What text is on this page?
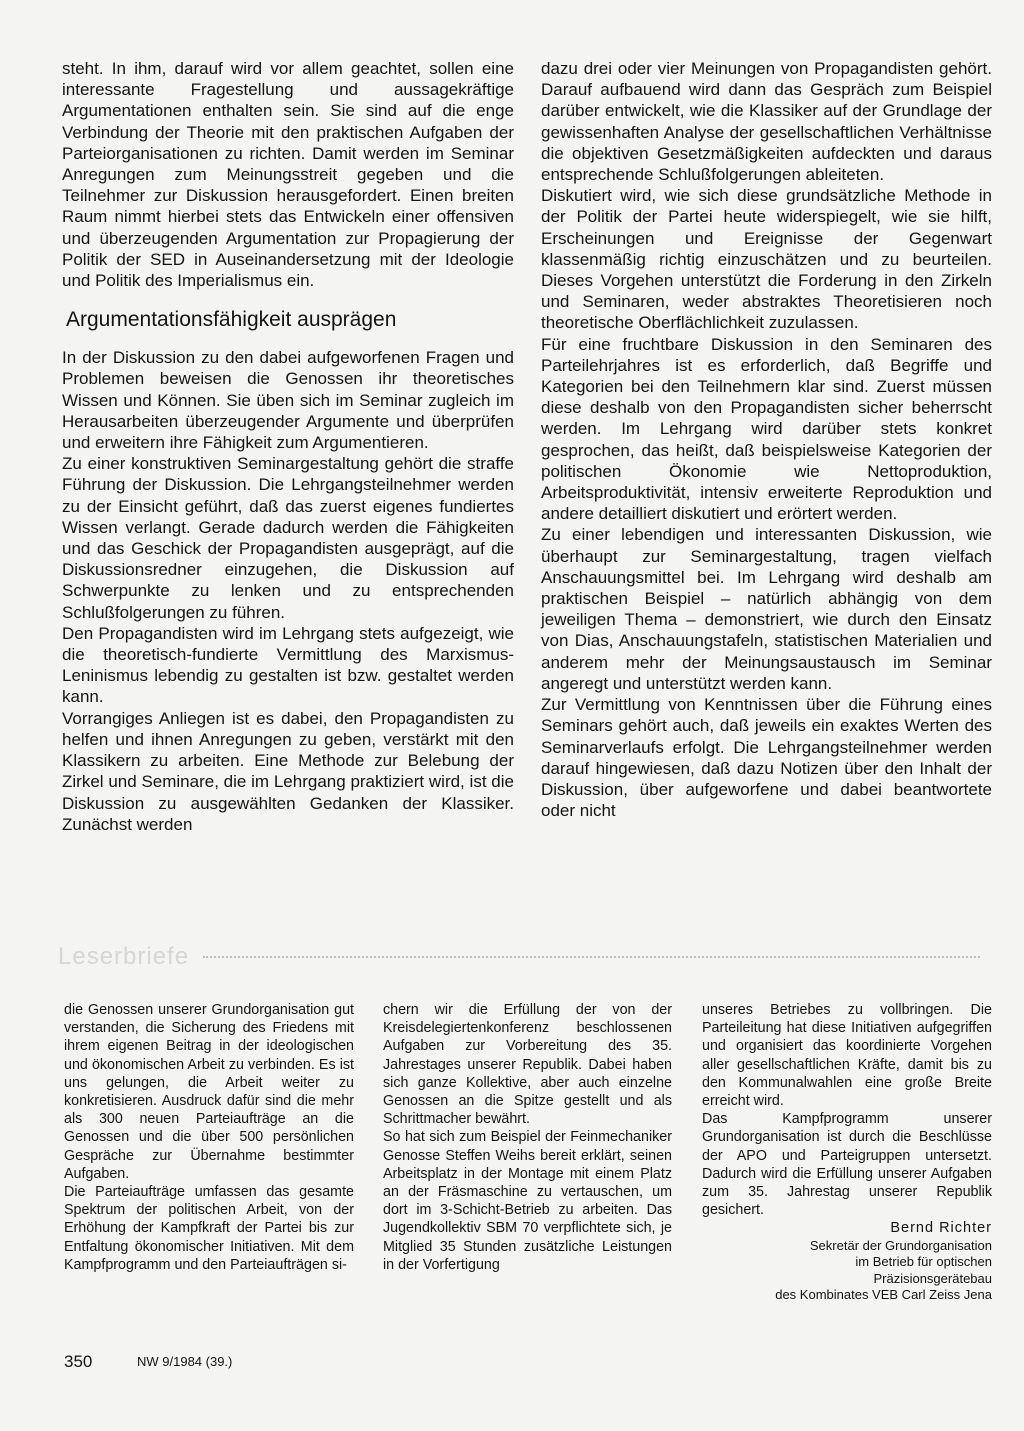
steht. In ihm, darauf wird vor allem geachtet, sollen eine interessante Fragestellung und aussagekräftige Argumentationen enthalten sein. Sie sind auf die enge Verbindung der Theorie mit den praktischen Aufgaben der Parteiorganisationen zu richten. Damit werden im Seminar Anregungen zum Meinungsstreit gegeben und die Teilnehmer zur Diskussion herausgefordert. Einen breiten Raum nimmt hierbei stets das Entwickeln einer offensiven und überzeugenden Argumentation zur Propagierung der Politik der SED in Auseinandersetzung mit der Ideologie und Politik des Imperialismus ein.

Argumentationsfähigkeit ausprägen

In der Diskussion zu den dabei aufgeworfenen Fragen und Problemen beweisen die Genossen ihr theoretisches Wissen und Können. Sie üben sich im Seminar zugleich im Herausarbeiten überzeugender Argumente und überprüfen und erweitern ihre Fähigkeit zum Argumentieren.

Zu einer konstruktiven Seminargestaltung gehört die straffe Führung der Diskussion. Die Lehrgangsteilnehmer werden zu der Einsicht geführt, daß das zuerst eigenes fundiertes Wissen verlangt. Gerade dadurch werden die Fähigkeiten und das Geschick der Propagandisten ausgeprägt, auf die Diskussionsredner einzugehen, die Diskussion auf Schwerpunkte zu lenken und zu entsprechenden Schlußfolgerungen zu führen.

Den Propagandisten wird im Lehrgang stets aufgezeigt, wie die theoretisch-fundierte Vermittlung des Marxismus-Leninismus lebendig zu gestalten ist bzw. gestaltet werden kann.

Vorrangiges Anliegen ist es dabei, den Propagandisten zu helfen und ihnen Anregungen zu geben, verstärkt mit den Klassikern zu arbeiten. Eine Methode zur Belebung der Zirkel und Seminare, die im Lehrgang praktiziert wird, ist die Diskussion zu ausgewählten Gedanken der Klassiker. Zunächst werden

dazu drei oder vier Meinungen von Propagandisten gehört. Darauf aufbauend wird dann das Gespräch zum Beispiel darüber entwickelt, wie die Klassiker auf der Grundlage der gewissenhaften Analyse der gesellschaftlichen Verhältnisse die objektiven Gesetzmäßigkeiten aufdeckten und daraus entsprechende Schlußfolgerungen ableiteten.

Diskutiert wird, wie sich diese grundsätzliche Methode in der Politik der Partei heute widerspiegelt, wie sie hilft, Erscheinungen und Ereignisse der Gegenwart klassenmäßig richtig einzuschätzen und zu beurteilen. Dieses Vorgehen unterstützt die Forderung in den Zirkeln und Seminaren, weder abstraktes Theoretisieren noch theoretische Oberflächlichkeit zuzulassen.

Für eine fruchtbare Diskussion in den Seminaren des Parteilehrjahres ist es erforderlich, daß Begriffe und Kategorien bei den Teilnehmern klar sind. Zuerst müssen diese deshalb von den Propagandisten sicher beherrscht werden. Im Lehrgang wird darüber stets konkret gesprochen, das heißt, daß beispielsweise Kategorien der politischen Ökonomie wie Nettoproduktion, Arbeitsproduktivität, intensiv erweiterte Reproduktion und andere detailliert diskutiert und erörtert werden.

Zu einer lebendigen und interessanten Diskussion, wie überhaupt zur Seminargestaltung, tragen vielfach Anschauungsmittel bei. Im Lehrgang wird deshalb am praktischen Beispiel – natürlich abhängig von dem jeweiligen Thema – demonstriert, wie durch den Einsatz von Dias, Anschauungstafeln, statistischen Materialien und anderem mehr der Meinungsaustausch im Seminar angeregt und unterstützt werden kann.

Zur Vermittlung von Kenntnissen über die Führung eines Seminars gehört auch, daß jeweils ein exaktes Werten des Seminarverlaufs erfolgt. Die Lehrgangsteilnehmer werden darauf hingewiesen, daß dazu Notizen über den Inhalt der Diskussion, über aufgeworfene und dabei beantwortete oder nicht

Leserbriefe

die Genossen unserer Grundorganisation gut verstanden, die Sicherung des Friedens mit ihrem eigenen Beitrag in der ideologischen und ökonomischen Arbeit zu verbinden. Es ist uns gelungen, die Arbeit weiter zu konkretisieren. Ausdruck dafür sind die mehr als 300 neuen Parteiaufträge an die Genossen und die über 500 persönlichen Gespräche zur Übernahme bestimmter Aufgaben.

Die Parteiaufträge umfassen das gesamte Spektrum der politischen Arbeit, von der Erhöhung der Kampfkraft der Partei bis zur Entfaltung ökonomischer Initiativen. Mit dem Kampfprogramm und den Parteiaufträgen si-

chern wir die Erfüllung der von der Kreisdelegiertenkonferenz beschlossenen Aufgaben zur Vorbereitung des 35. Jahrestages unserer Republik. Dabei haben sich ganze Kollektive, aber auch einzelne Genossen an die Spitze gestellt und als Schrittmacher bewährt.

So hat sich zum Beispiel der Feinmechaniker Genosse Steffen Weihs bereit erklärt, seinen Arbeitsplatz in der Montage mit einem Platz an der Fräsmaschine zu vertauschen, um dort im 3-Schicht-Betrieb zu arbeiten. Das Jugendkollektiv SBM 70 verpflichtete sich, je Mitglied 35 Stunden zusätzliche Leistungen in der Vorfertigung

unseres Betriebes zu vollbringen. Die Parteileitung hat diese Initiativen aufgegriffen und organisiert das koordinierte Vorgehen aller gesellschaftlichen Kräfte, damit bis zu den Kommunalwahlen eine große Breite erreicht wird.

Das Kampfprogramm unserer Grundorganisation ist durch die Beschlüsse der APO und Parteigruppen untersetzt. Dadurch wird die Erfüllung unserer Aufgaben zum 35. Jahrestag unserer Republik gesichert.

Bernd Richter
Sekretär der Grundorganisation
im Betrieb für optischen
Präzisionsgerätebau
des Kombinates VEB Carl Zeiss Jena
350	NW 9/1984 (39.)
